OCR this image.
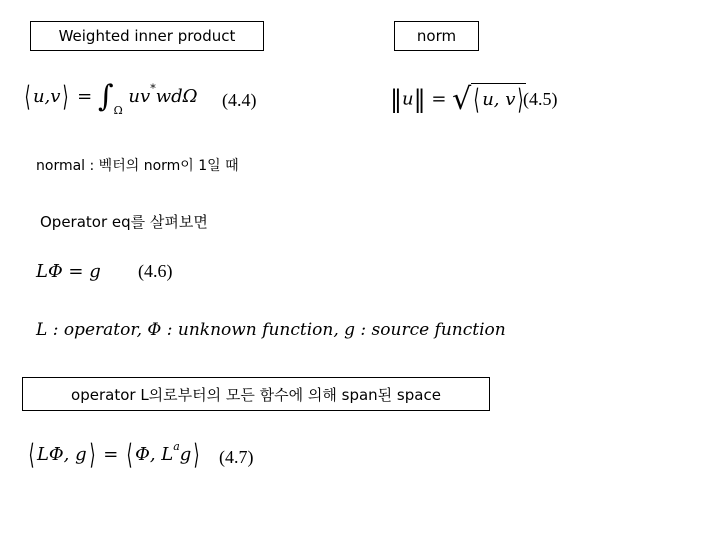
Weighted inner product	norm
⟨ u,v⟩ = $\int_\Omega$ uv*wdΩ (4.4)	‖u‖ = √⟨ u, v⟩ (4.5)
normal : 벡터의 norm이 1일 때
Operator eq를 살펴보면
LΦ = g (4.6)
L : operator, Φ : unknown function, g : source function
operator L의로부터의 모든 함수에 의해 span된 space
⟨ LΦ, g⟩ = ⟨ Φ, $L^ag⟩$ (4.7)
